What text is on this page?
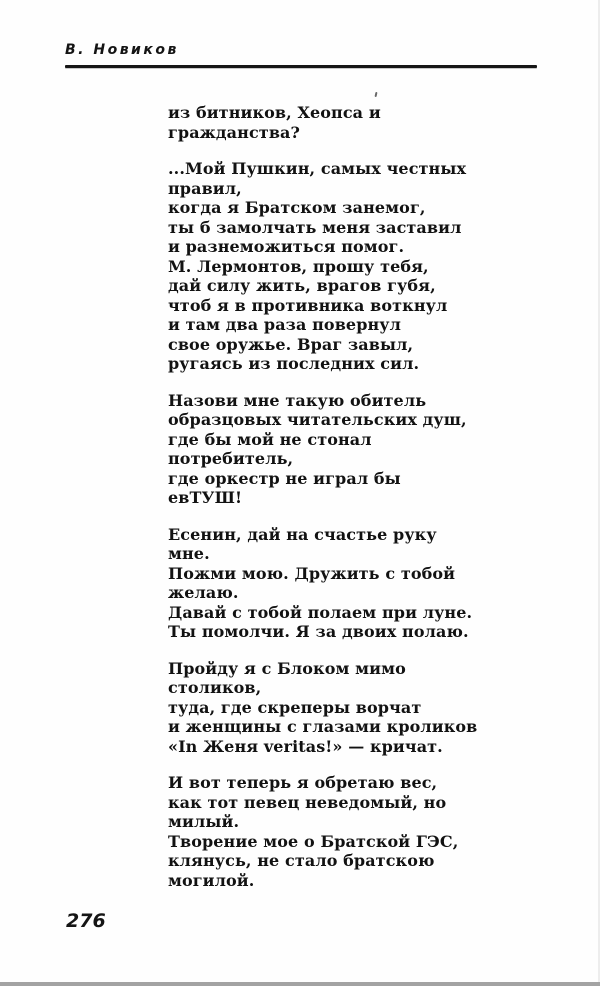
В. Новиков

из битников, Хеопса и
гражданства?

...Мой Пушкин, самых честных
правил,
когда я Братском занемог,
ты б замолчать меня заставил
и разнеможиться помог.
М. Лермонтов, прошу тебя,
дай силу жить, врагов губя,
чтоб я в противника воткнул
и там два раза повернул
свое оружье. Враг завыл,
ругаясь из последних сил.

Назови мне такую обитель
образцовых читательских душ,
где бы мой не стонал
потребитель,
где оркестр не играл бы
евТУШ!

Есенин, дай на счастье руку
мне.
Пожми мою. Дружить с тобой
желаю.
Давай с тобой полаем при луне.
Ты помолчи. Я за двоих полаю.

Пройду я с Блоком мимо
столиков,
туда, где скреперы ворчат
и женщины с глазами кроликов
«In Женя veritas!» — кричат.

И вот теперь я обретаю вес,
как тот певец неведомый, но
милый.
Творение мое о Братской ГЭС,
клянусь, не стало братскою
могилой.

276
